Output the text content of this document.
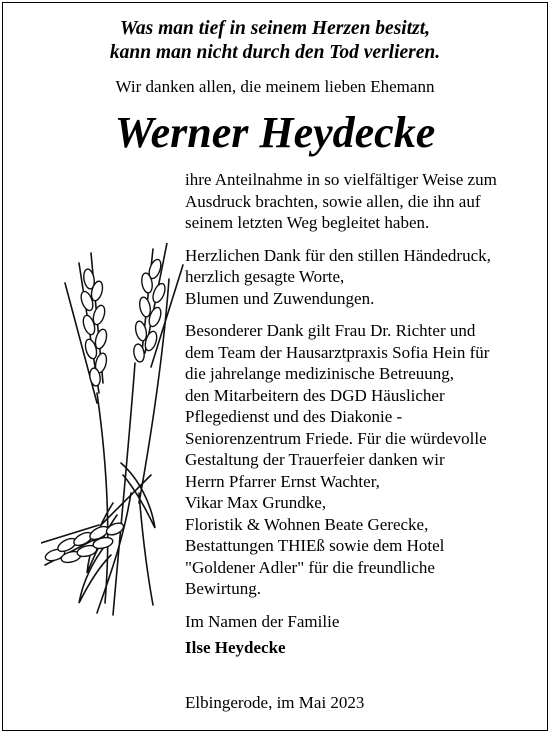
Was man tief in seinem Herzen besitzt,
kann man nicht durch den Tod verlieren.
Wir danken allen, die meinem lieben Ehemann
Werner Heydecke

ihre Anteilnahme in so vielfältiger Weise zum
Ausdruck brachten, sowie allen, die ihn auf
seinem letzten Weg begleitet haben.

Herzlichen Dank für den stillen Händedruck,
herzlich gesagte Worte,
Blumen und Zuwendungen.

Besonderer Dank gilt Frau Dr. Richter und
dem Team der Hausarztpraxis Sofia Hein für
die jahrelange medizinische Betreuung,
den Mitarbeitern des DGD Häuslicher
Pflegedienst und des Diakonie -
Seniorenzentrum Friede. Für die würdevolle
Gestaltung der Trauerfeier danken wir
Herrn Pfarrer Ernst Wachter,
Vikar Max Grundke,
Floristik & Wohnen Beate Gerecke,
Bestattungen THIEß sowie dem Hotel
"Goldener Adler" für die freundliche
Bewirtung.

Im Namen der Familie

Ilse Heydecke

Elbingerode, im Mai 2023
